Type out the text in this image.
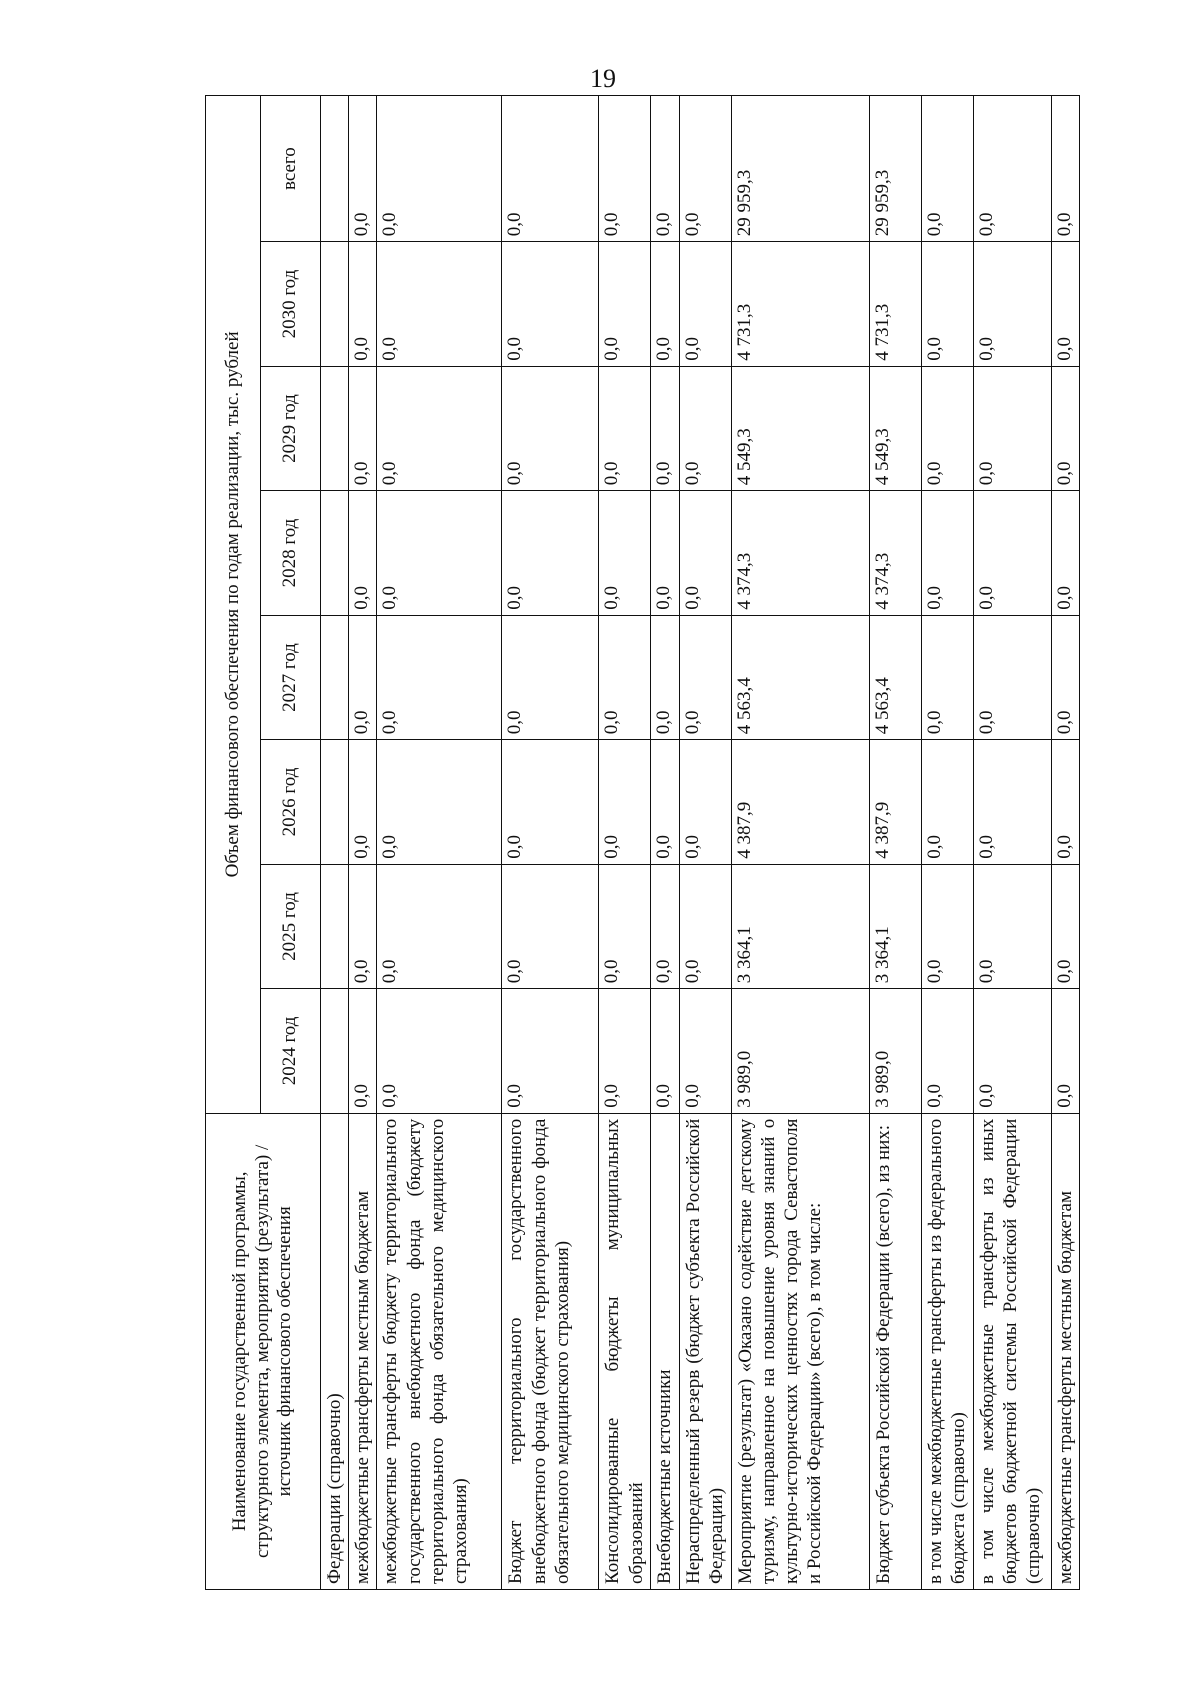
19
Наименование государственной программы, структурного элемента, мероприятия (результата) / источник финансового обеспечения	Объем финансового обеспечения по годам реализации, тыс. рублей							
	2024 год	2025 год	2026 год	2027 год	2028 год	2029 год	2030 год	всего
Федерации (справочно)								
межбюджетные трансферты местным бюджетам	0,0	0,0	0,0	0,0	0,0	0,0	0,0	0,0
межбюджетные трансферты бюджету территориального государственного внебюджетного фонда (бюджету территориального фонда обязательного медицинского страхования)	0,0	0,0	0,0	0,0	0,0	0,0	0,0	0,0
Бюджет территориального государственного внебюджетного фонда (бюджет территориального фонда обязательного медицинского страхования)	0,0	0,0	0,0	0,0	0,0	0,0	0,0	0,0
Консолидированные бюджеты муниципальных образований	0,0	0,0	0,0	0,0	0,0	0,0	0,0	0,0
Внебюджетные источники	0,0	0,0	0,0	0,0	0,0	0,0	0,0	0,0
Нераспределенный резерв (бюджет субъекта Российской Федерации)	0,0	0,0	0,0	0,0	0,0	0,0	0,0	0,0
Мероприятие (результат) «Оказано содействие детскому туризму, направленное на повышение уровня знаний о культурно-исторических ценностях города Севастополя и Российской Федерации» (всего), в том числе:	3 989,0	3 364,1	4 387,9	4 563,4	4 374,3	4 549,3	4 731,3	29 959,3
Бюджет субъекта Российской Федерации (всего), из них:	3 989,0	3 364,1	4 387,9	4 563,4	4 374,3	4 549,3	4 731,3	29 959,3
в том числе межбюджетные трансферты из федерального бюджета (справочно)	0,0	0,0	0,0	0,0	0,0	0,0	0,0	0,0
в том числе межбюджетные трансферты из иных бюджетов бюджетной системы Российской Федерации (справочно)	0,0	0,0	0,0	0,0	0,0	0,0	0,0	0,0
межбюджетные трансферты местным бюджетам	0,0	0,0	0,0	0,0	0,0	0,0	0,0	0,0
